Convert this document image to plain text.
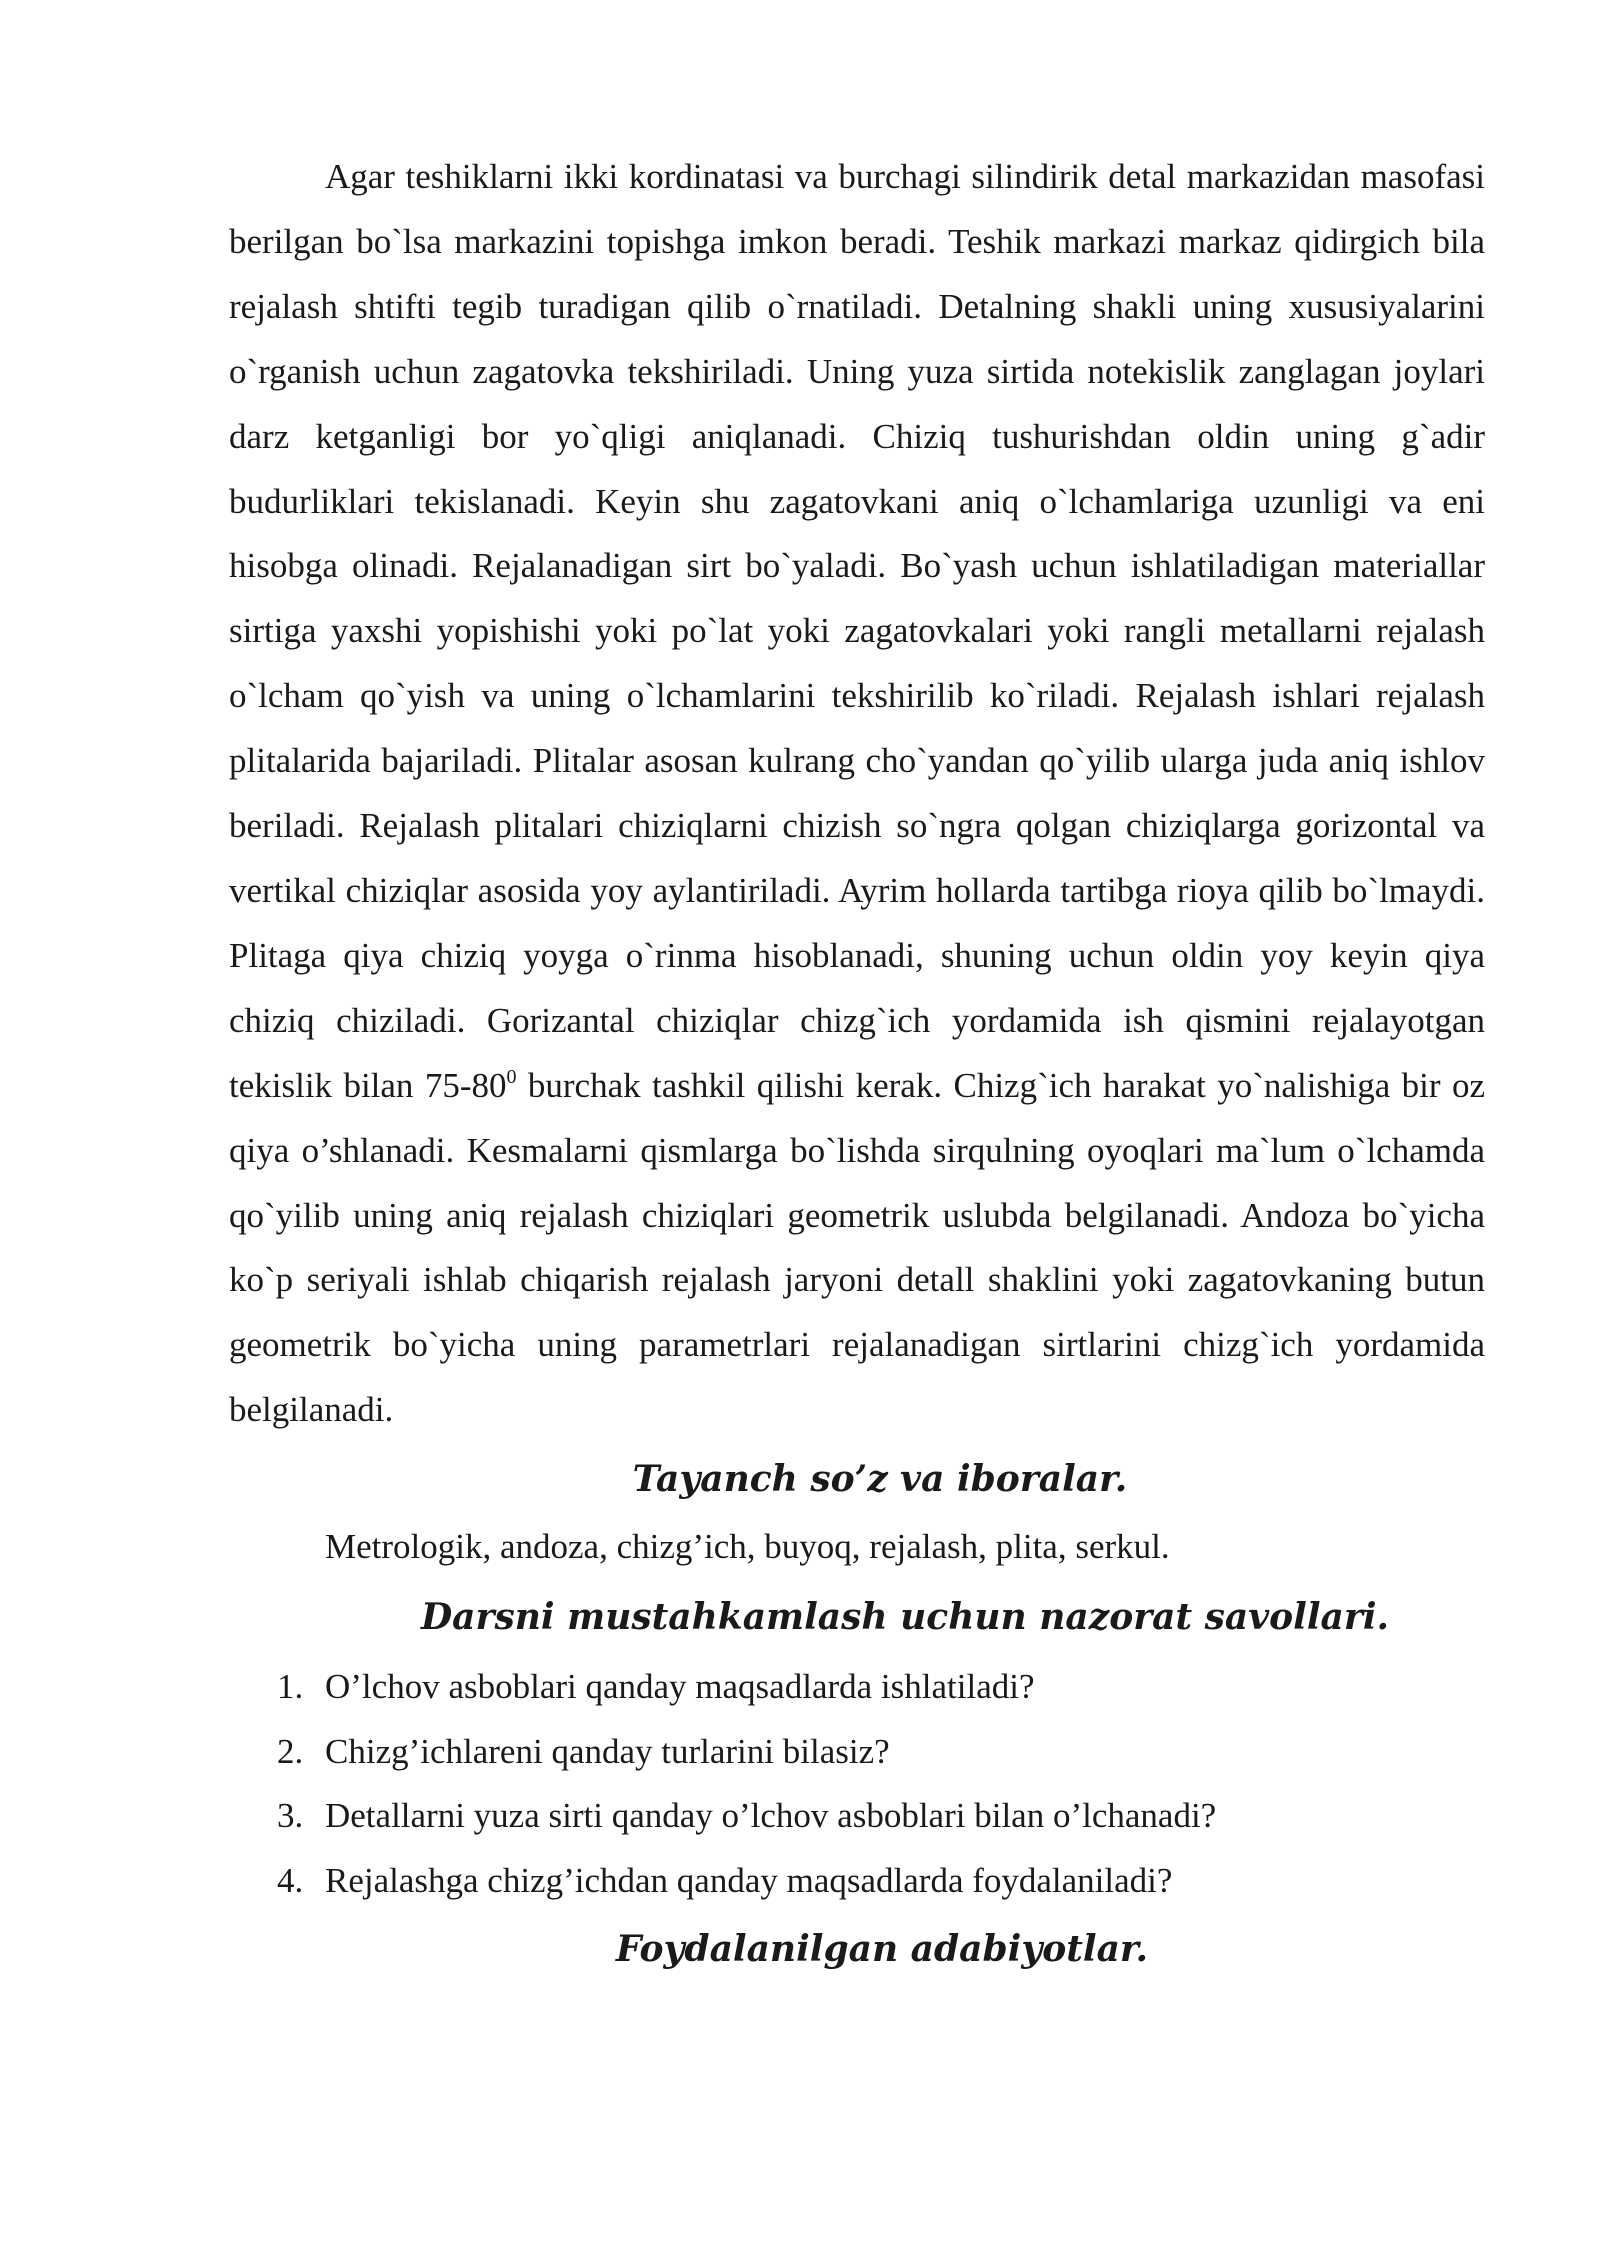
Agar teshiklarni ikki kordinatasi va burchagi silindirik detal markazidan masofasi berilgan bo`lsa markazini topishga imkon beradi. Teshik markazi markaz qidirgich bila rejalash shtifti tegib turadigan qilib o`rnatiladi. Detalning shakli uning xususiyalarini o`rganish uchun zagatovka tekshiriladi. Uning yuza sirtida notekislik zanglagan joylari darz ketganligi bor yo`qligi aniqlanadi. Chiziq tushurishdan oldin uning g`adir budurliklari tekislanadi. Keyin shu zagatovkani aniq o`lchamlariga uzunligi va eni hisobga olinadi. Rejalanadigan sirt bo`yaladi. Bo`yash uchun ishlatiladigan materiallar sirtiga yaxshi yopishishi yoki po`lat yoki zagatovkalari yoki rangli metallarni rejalash o`lcham qo`yish va uning o`lchamlarini tekshirilib ko`riladi. Rejalash ishlari rejalash plitalarida bajariladi. Plitalar asosan kulrang cho`yandan qo`yilib ularga juda aniq ishlov beriladi. Rejalash plitalari chiziqlarni chizish so`ngra qolgan chiziqlarga gorizontal va vertikal chiziqlar asosida yoy aylantiriladi. Ayrim hollarda tartibga rioya qilib bo`lmaydi. Plitaga qiya chiziq yoyga o`rinma hisoblanadi, shuning uchun oldin yoy keyin qiya chiziq chiziladi. Gorizantal chiziqlar chizg`ich yordamida ish qismini rejalayotgan tekislik bilan $75-80^0$ burchak tashkil qilishi kerak. Chizg`ich harakat yo`nalishiga bir oz qiya o’shlanadi. Kesmalarni qismlarga bo`lishda sirqulning oyoqlari ma`lum o`lchamda qo`yilib uning aniq rejalash chiziqlari geometrik uslubda belgilanadi. Andoza bo`yicha ko`p seriyali ishlab chiqarish rejalash jaryoni detall shaklini yoki zagatovkaning butun geometrik bo`yicha uning parametrlari rejalanadigan sirtlarini chizg`ich yordamida belgilanadi.

Tayanch so’z va iboralar.

Metrologik, andoza, chizg’ich, buyoq, rejalash, plita, serkul.

Darsni mustahkamlash uchun nazorat savollari.
1. O’lchov asboblari qanday maqsadlarda ishlatiladi?
2. Chizg’ichlareni qanday turlarini bilasiz?
3. Detallarni yuza sirti qanday o’lchov asboblari bilan o’lchanadi?
4. Rejalashga chizg’ichdan qanday maqsadlarda foydalaniladi?
Foydalanilgan adabiyotlar.
